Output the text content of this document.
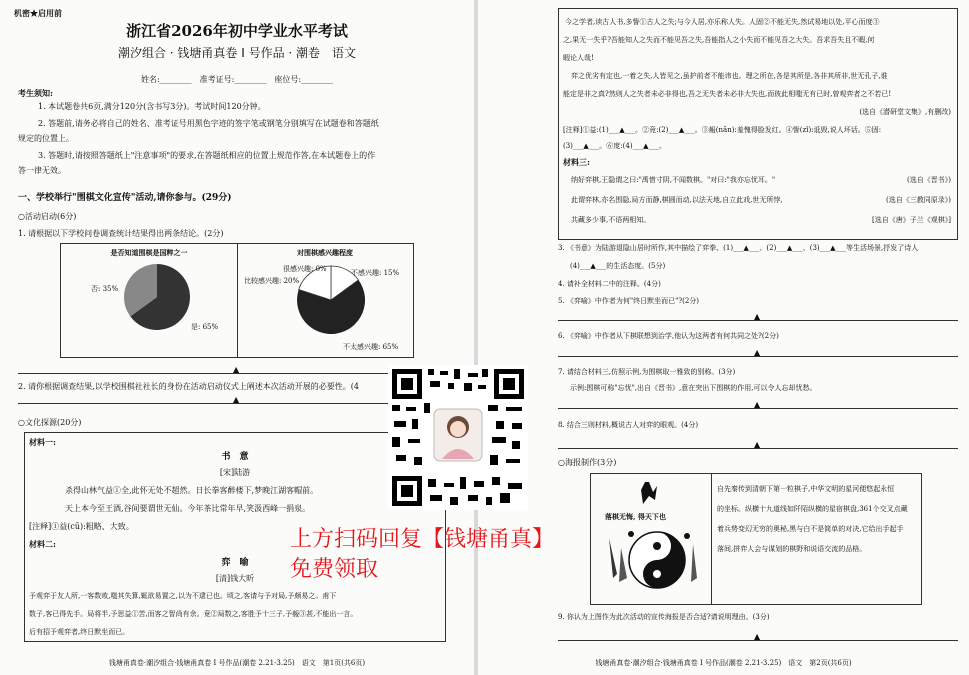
机密★启用前
浙江省2026年初中学业水平考试
潮汐组合 · 钱塘甬真卷 I 号作品 · 潮卷　语文
姓名:________　准考证号:________　座位号:________
考生须知:
1. 本试题卷共6页,满分120分(含书写3分)。考试时间120分钟。
2. 答题前,请务必将自己的姓名、准考证号用黑色字迹的签字笔或钢笔分别填写在试题卷和答题纸
规定的位置上。
3. 答题时,请按照答题纸上"注意事项"的要求,在答题纸相应的位置上规范作答,在本试题卷上的作
答一律无效。
一、学校举行"围棋文化宣传"活动,请你参与。(29分)
○活动启动(6分)
1. 请根据以下学校问卷调查统计结果得出两条结论。(2分)
是否知道围棋是国粹之一
否: 35%
是: 65%
对围棋感兴趣程度
很感兴趣: 0%
比较感兴趣: 20%
不感兴趣: 15%
不太感兴趣: 65%
▲
2. 请你根据调查结果,以学校围棋社社长的身份在活动启动仪式上阐述本次活动开展的必要性。(4
▲
○文化探源(20分)
材料一:
书　意
[宋]陆游
杀得山林气益①全,此怀无处不超然。日长拳客醉楼下,梦晚江湖客帽前。
天上本今至王酒,谷间要谓世无仙。今年茶比常年早,笑汲西峰一捐泉。
[注释]①益(cū):粗略、大致。
材料二:
弈　喻
[清]钱大昕
予观弈于友人所,一客数败,嗤其失算,辄欲易置之,以为不逮已也。顷之,客请与予对局,予颇易之。甫下
数子,客已得先手。局将半,予思益①苦,而客之智尚有余。竟②局数之,客胜予十三子,予赧③甚,不能出一言。
后有招予观弈者,终日默坐而已。
钱塘甬真卷·潮汐组合·钱塘甬真卷 I 号作品(潮卷 2.21-3.25)　语文　第1页(共6页)
今之学者,读古人书,多訾①古人之失;与今人居,亦乐称人失。人固②不能无失,然试易地以处,平心而度③
之,果无一失乎?吾能知人之失而不能见吾之失,吾能指人之小失而不能见吾之大失。吾求吾失且不暇,何
暇论人哉!
弈之优劣有定也,一着之失,人皆见之,虽护前者不能讳也。理之所在,各是其所是,各非其所非,世无孔子,谁
能定是非之真?然则人之失者未必非得也,吾之无失者未必非大失也,而彼此相嗤无有已时,曾观弈者之不若已!
(选自《潜研堂文集》,有删改)
[注释]①益:(1)___▲___。②竟:(2)___▲___。③赧(nǎn):羞愧得脸发红。④訾(zǐ):诋毁,说人坏话。⑤固:
(3)___▲___。⑥度:(4)___▲___。
材料三:
纳好弈棋,王隐谓之曰:"禹惜寸阴,不闻数棋。"对曰:"我亦忘忧耳。"	(选自《晋书》)
此谓弈林,亦名围隐,局方而静,棋圆而动,以法天地,自立此戏,世无所悖,	(选自《三教同原录》)
共藏多少事,不语两相知。	[选自《唐》子兰《观棋》]
3. 《书意》为陆游退隐山居时所作,其中描绘了弈拳、(1)___▲___、(2)___▲___、(3)___▲___等生活场景,抒发了诗人
(4)___▲___的生活态度。(5分)
4. 请补全材料二中的注释。(4分)
5. 《弈喻》中作者为何"终日默坐而已"?(2分)
▲
6. 《弈喻》中作者从下棋联想到治学,他认为这两者有何共同之处?(2分)
▲
7. 请结合材料三,仿照示例,为围棋取一雅致的别称。(3分)
示例:围棋可称"忘忧",出自《晋书》,意在突出下围棋的作用,可以令人忘却忧愁。
▲
8. 结合三则材料,概说古人对弈的眼观。(4分)
▲
○海报制作(3分)
落棋无悔, 得天下也
自先秦传到清朝下第一粒棋子,中华文明的星河便悠起永恒
的坐标。纵横十九道线如阡陌纵横的星宿棋盘,361个交叉点藏
着兵势变幻无穷的奥秘,黑与白不是简单的对决,它给出手起手
落间,拼弈人会与谋划的棋野和说语交流的品格。
9. 你认为上图作为此次活动的宣传海报是否合适?请说明理由。(3分)
▲
钱塘甬真卷·潮汐组合·钱塘甬真卷 I 号作品(潮卷 2.21-3.25)　语文　第2页(共6页)
上方扫码回复【钱塘甬真】
免费领取
